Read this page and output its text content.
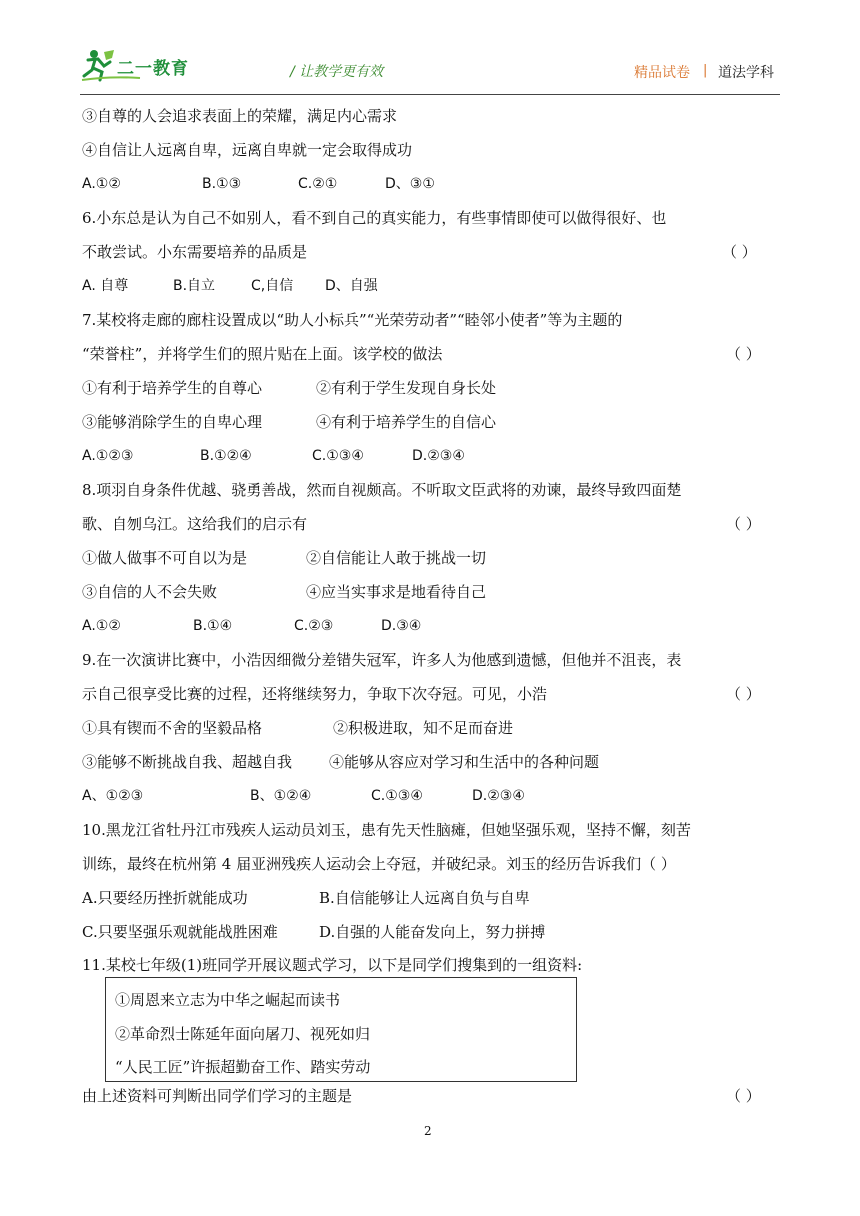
二一教育	/ 让教学更有效	精品试卷 | 道法学科
③自尊的人会追求表面上的荣耀，满足内心需求
④自信让人远离自卑，远离自卑就一定会取得成功
A.①②	B.①③	C.②①	D、③①
6.小东总是认为自己不如别人，看不到自己的真实能力，有些事情即使可以做得很好、也
不敢尝试。小东需要培养的品质是	（ ）
A. 自尊	B.自立	C,自信 D、自强
7.某校将走廊的廊柱设置成以“助人小标兵”“光荣劳动者”“睦邻小使者”等为主题的
“荣誉柱”，并将学生们的照片贴在上面。该学校的做法	（ ）
①有利于培养学生的自尊心	②有利于学生发现自身长处
③能够消除学生的自卑心理	④有利于培养学生的自信心
A.①②③	B.①②④	C.①③④	D.②③④
8.项羽自身条件优越、骁勇善战，然而自视颇高。不听取文臣武将的劝谏，最终导致四面楚
歌、自刎乌江。这给我们的启示有	（ ）
①做人做事不可自以为是	②自信能让人敢于挑战一切
③自信的人不会失败	④应当实事求是地看待自己
A.①②	B.①④	C.②③	D.③④
9.在一次演讲比赛中，小浩因细微分差错失冠军，许多人为他感到遗憾，但他并不沮丧，表
示自己很享受比赛的过程，还将继续努力，争取下次夺冠。可见，小浩	（ ）
①具有锲而不舍的坚毅品格	②积极进取，知不足而奋进
③能够不断挑战自我、超越自我 ④能够从容应对学习和生活中的各种问题
A、①②③	B、①②④	C.①③④	D.②③④
10.黑龙江省牡丹江市残疾人运动员刘玉，患有先天性脑瘫，但她坚强乐观，坚持不懈，刻苦
训练，最终在杭州第 4 届亚洲残疾人运动会上夺冠，并破纪录。刘玉的经历告诉我们（ ）
A.只要经历挫折就能成功	B.自信能够让人远离自负与自卑
C.只要坚强乐观就能战胜困难	D.自强的人能奋发向上，努力拼搏
11.某校七年级(1)班同学开展议题式学习，以下是同学们搜集到的一组资料:
①周恩来立志为中华之崛起而读书
②革命烈士陈延年面向屠刀、视死如归
“人民工匠”许振超勤奋工作、踏实劳动
由上述资料可判断出同学们学习的主题是	（ ）
2
